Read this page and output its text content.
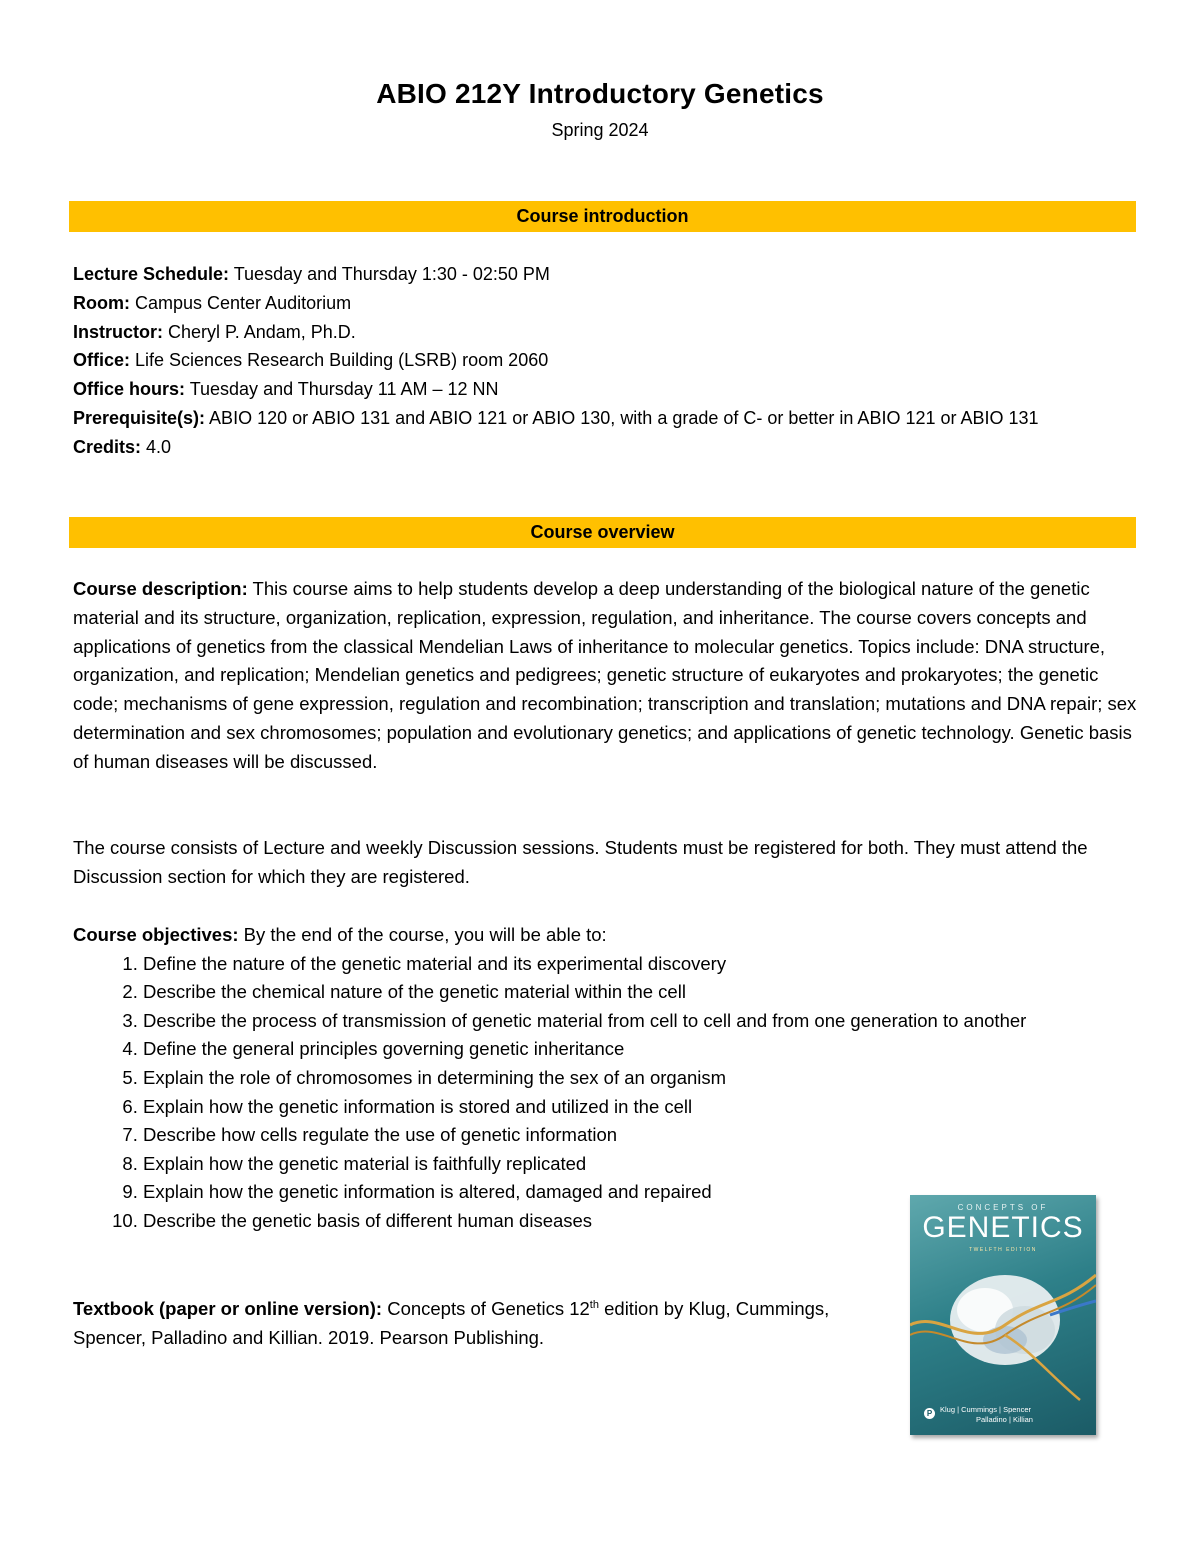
ABIO 212Y Introductory Genetics
Spring 2024
Course introduction
Lecture Schedule: Tuesday and Thursday 1:30 - 02:50 PM
Room: Campus Center Auditorium
Instructor: Cheryl P. Andam, Ph.D.
Office: Life Sciences Research Building (LSRB) room 2060
Office hours: Tuesday and Thursday 11 AM – 12 NN
Prerequisite(s): ABIO 120 or ABIO 131 and ABIO 121 or ABIO 130, with a grade of C- or better in ABIO 121 or ABIO 131
Credits: 4.0
Course overview

Course description: This course aims to help students develop a deep understanding of the biological nature of the genetic material and its structure, organization, replication, expression, regulation, and inheritance. The course covers concepts and applications of genetics from the classical Mendelian Laws of inheritance to molecular genetics. Topics include: DNA structure, organization, and replication; Mendelian genetics and pedigrees; genetic structure of eukaryotes and prokaryotes; the genetic code; mechanisms of gene expression, regulation and recombination; transcription and translation; mutations and DNA repair; sex determination and sex chromosomes; population and evolutionary genetics; and applications of genetic technology. Genetic basis of human diseases will be discussed.

The course consists of Lecture and weekly Discussion sessions. Students must be registered for both. They must attend the Discussion section for which they are registered.

Course objectives: By the end of the course, you will be able to:
1. Define the nature of the genetic material and its experimental discovery
2. Describe the chemical nature of the genetic material within the cell
3. Describe the process of transmission of genetic material from cell to cell and from one generation to another
4. Define the general principles governing genetic inheritance
5. Explain the role of chromosomes in determining the sex of an organism
6. Explain how the genetic information is stored and utilized in the cell
7. Describe how cells regulate the use of genetic information
8. Explain how the genetic material is faithfully replicated
9. Explain how the genetic information is altered, damaged and repaired
10. Describe the genetic basis of different human diseases
Textbook (paper or online version): Concepts of Genetics 12th edition by Klug, Cummings, Spencer, Palladino and Killian. 2019. Pearson Publishing.
CONCEPTS OF
GENETICS
TWELFTH EDITION
P	Klug | Cummings | Spencer
Palladino | Killian
